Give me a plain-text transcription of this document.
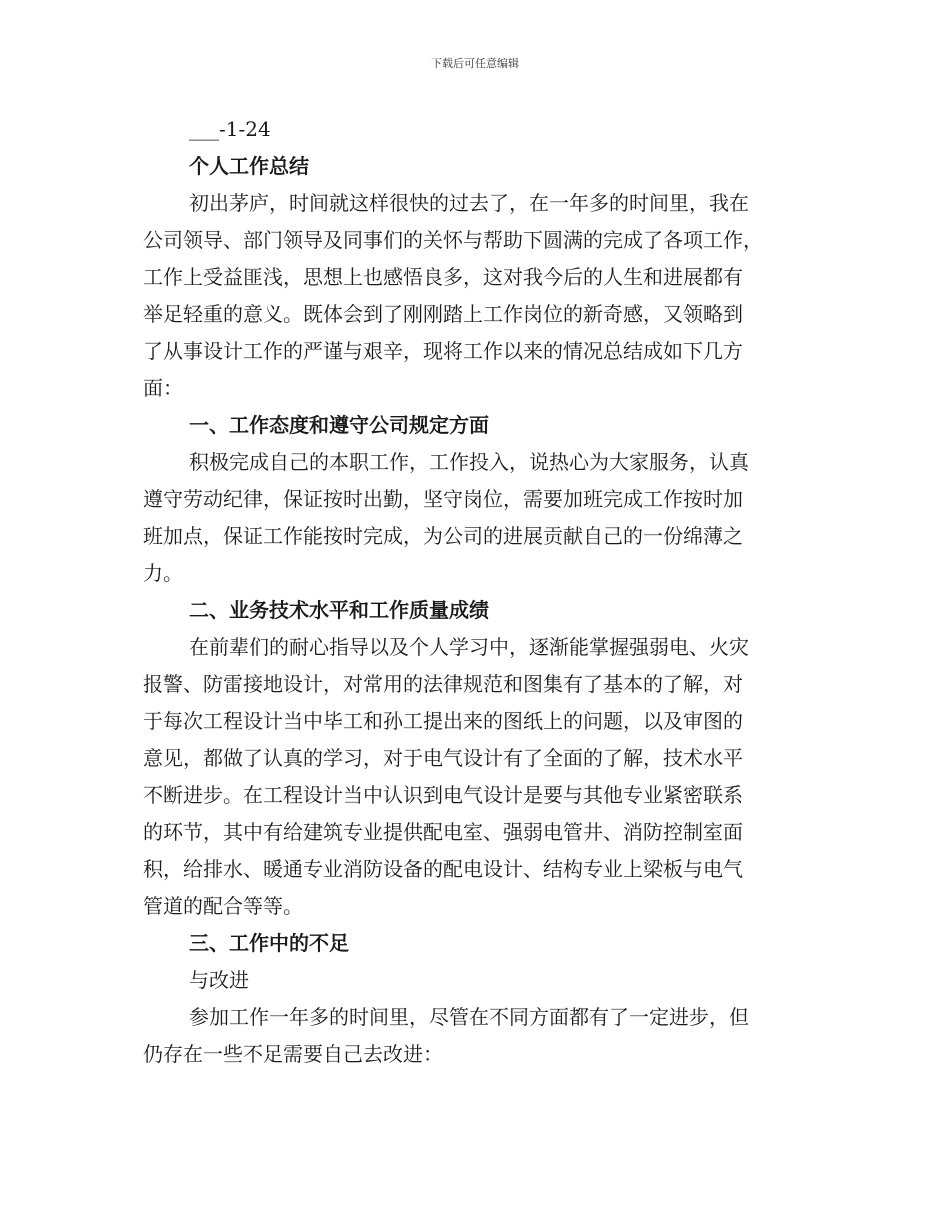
下载后可任意编辑
___-1-24
个人工作总结
初出茅庐，时间就这样很快的过去了，在一年多的时间里，我在
公司领导、部门领导及同事们的关怀与帮助下圆满的完成了各项工作，
工作上受益匪浅，思想上也感悟良多，这对我今后的人生和进展都有
举足轻重的意义。既体会到了刚刚踏上工作岗位的新奇感，又领略到
了从事设计工作的严谨与艰辛，现将工作以来的情况总结成如下几方
面：
一、工作态度和遵守公司规定方面
积极完成自己的本职工作，工作投入，说热心为大家服务，认真
遵守劳动纪律，保证按时出勤，坚守岗位，需要加班完成工作按时加
班加点，保证工作能按时完成，为公司的进展贡献自己的一份绵薄之
力。
二、业务技术水平和工作质量成绩
在前辈们的耐心指导以及个人学习中，逐渐能掌握强弱电、火灾
报警、防雷接地设计，对常用的法律规范和图集有了基本的了解，对
于每次工程设计当中毕工和孙工提出来的图纸上的问题，以及审图的
意见，都做了认真的学习，对于电气设计有了全面的了解，技术水平
不断进步。在工程设计当中认识到电气设计是要与其他专业紧密联系
的环节，其中有给建筑专业提供配电室、强弱电管井、消防控制室面
积，给排水、暖通专业消防设备的配电设计、结构专业上梁板与电气
管道的配合等等。
三、工作中的不足
与改进
参加工作一年多的时间里，尽管在不同方面都有了一定进步，但
仍存在一些不足需要自己去改进：
